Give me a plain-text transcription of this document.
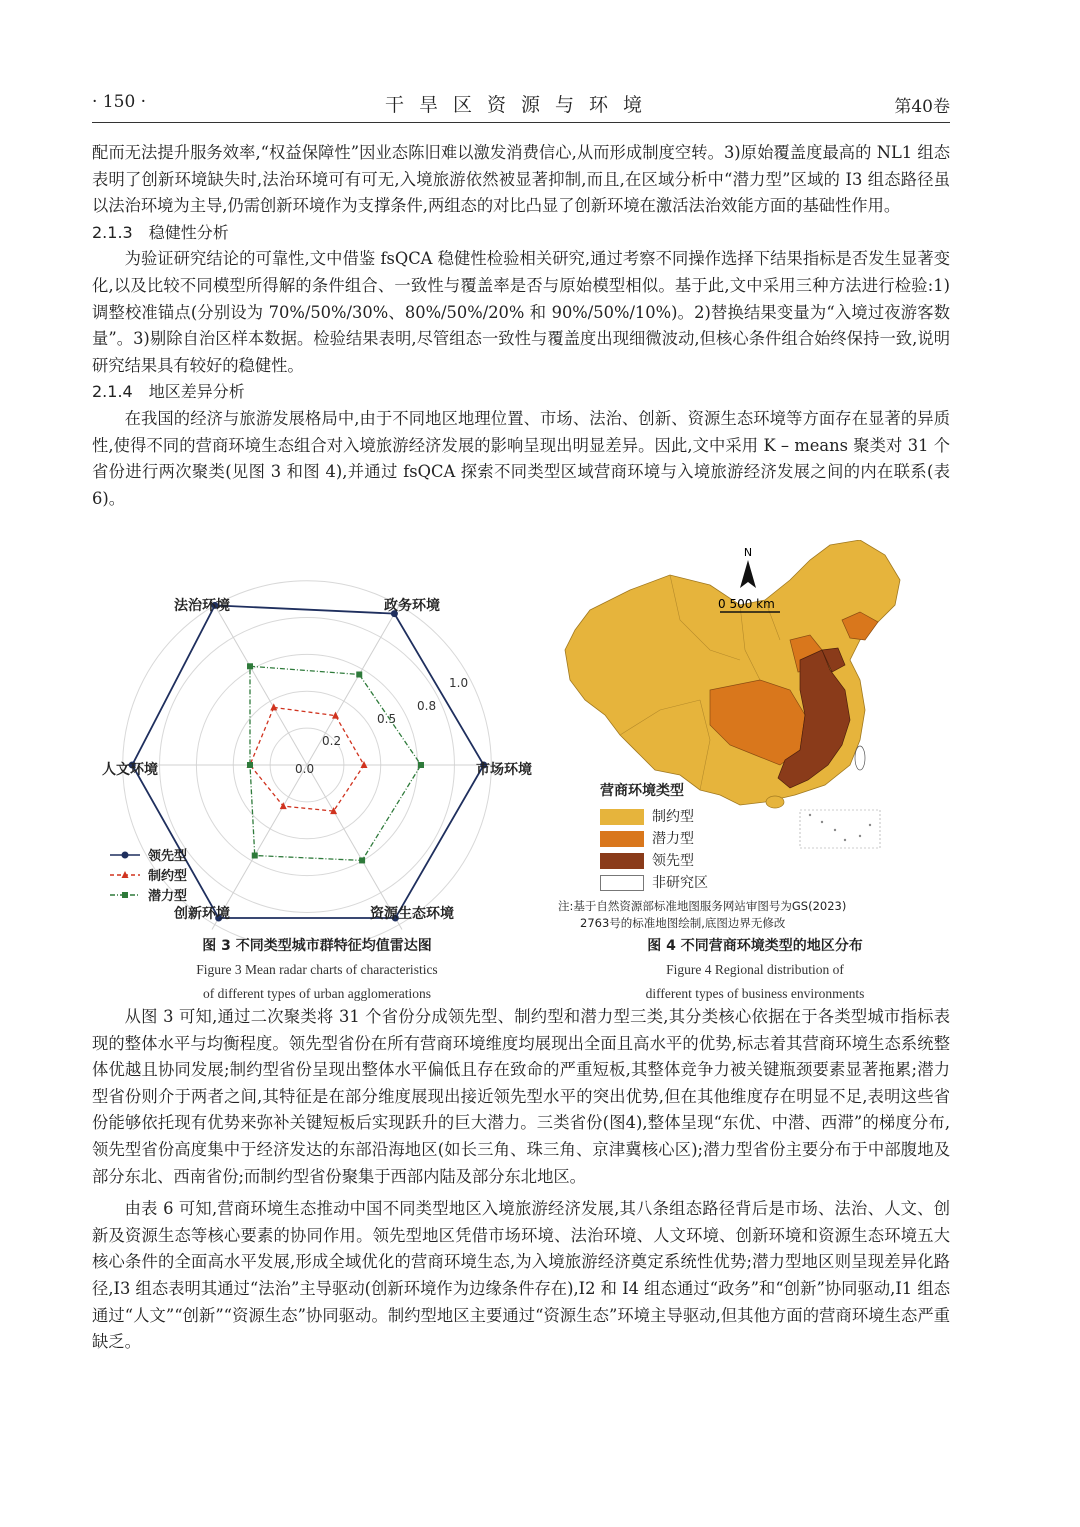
· 150 ·	干旱区资源与环境	第40卷

配而无法提升服务效率,“权益保障性”因业态陈旧难以激发消费信心,从而形成制度空转。3)原始覆盖度最高的 NL1 组态表明了创新环境缺失时,法治环境可有可无,入境旅游依然被显著抑制,而且,在区域分析中“潜力型”区域的 I3 组态路径虽以法治环境为主导,仍需创新环境作为支撑条件,两组态的对比凸显了创新环境在激活法治效能方面的基础性作用。

2.1.3　稳健性分析

为验证研究结论的可靠性,文中借鉴 fsQCA 稳健性检验相关研究,通过考察不同操作选择下结果指标是否发生显著变化,以及比较不同模型所得解的条件组合、一致性与覆盖率是否与原始模型相似。基于此,文中采用三种方法进行检验:1)调整校准锚点(分别设为 70%/50%/30%、80%/50%/20% 和 90%/50%/10%)。2)替换结果变量为“入境过夜游客数量”。3)剔除自治区样本数据。检验结果表明,尽管组态一致性与覆盖度出现细微波动,但核心条件组合始终保持一致,说明研究结果具有较好的稳健性。

2.1.4　地区差异分析

在我国的经济与旅游发展格局中,由于不同地区地理位置、市场、法治、创新、资源生态环境等方面存在显著的异质性,使得不同的营商环境生态组合对入境旅游经济发展的影响呈现出明显差异。因此,文中采用 K – means 聚类对 31 个省份进行两次聚类(见图 3 和图 4),并通过 fsQCA 探索不同类型区域营商环境与入境旅游经济发展之间的内在联系(表 6)。

0.0
0.2
0.5
0.8
1.0
法治环境	政务环境
市场环境
资源生态环境
创新环境
人文环境
领先型
制约型
潜力型
图 3 不同类型城市群特征均值雷达图
Figure 3 Mean radar charts of characteristics
of different types of urban agglomerations
N
0 500 km
营商环境类型
制约型
潜力型
领先型
非研究区
注:基于自然资源部标准地图服务网站审图号为GS(2023)
2763号的标准地图绘制,底图边界无修改
图 4 不同营商环境类型的地区分布
Figure 4 Regional distribution of
different types of business environments

从图 3 可知,通过二次聚类将 31 个省份分成领先型、制约型和潜力型三类,其分类核心依据在于各类型城市指标表现的整体水平与均衡程度。领先型省份在所有营商环境维度均展现出全面且高水平的优势,标志着其营商环境生态系统整体优越且协同发展;制约型省份呈现出整体水平偏低且存在致命的严重短板,其整体竞争力被关键瓶颈要素显著拖累;潜力型省份则介于两者之间,其特征是在部分维度展现出接近领先型水平的突出优势,但在其他维度存在明显不足,表明这些省份能够依托现有优势来弥补关键短板后实现跃升的巨大潜力。三类省份(图4),整体呈现“东优、中潜、西滞”的梯度分布,领先型省份高度集中于经济发达的东部沿海地区(如长三角、珠三角、京津冀核心区);潜力型省份主要分布于中部腹地及部分东北、西南省份;而制约型省份聚集于西部内陆及部分东北地区。

由表 6 可知,营商环境生态推动中国不同类型地区入境旅游经济发展,其八条组态路径背后是市场、法治、人文、创新及资源生态等核心要素的协同作用。领先型地区凭借市场环境、法治环境、人文环境、创新环境和资源生态环境五大核心条件的全面高水平发展,形成全域优化的营商环境生态,为入境旅游经济奠定系统性优势;潜力型地区则呈现差异化路径,I3 组态表明其通过“法治”主导驱动(创新环境作为边缘条件存在),I2 和 I4 组态通过“政务”和“创新”协同驱动,I1 组态通过“人文”“创新”“资源生态”协同驱动。制约型地区主要通过“资源生态”环境主导驱动,但其他方面的营商环境生态严重缺乏。
